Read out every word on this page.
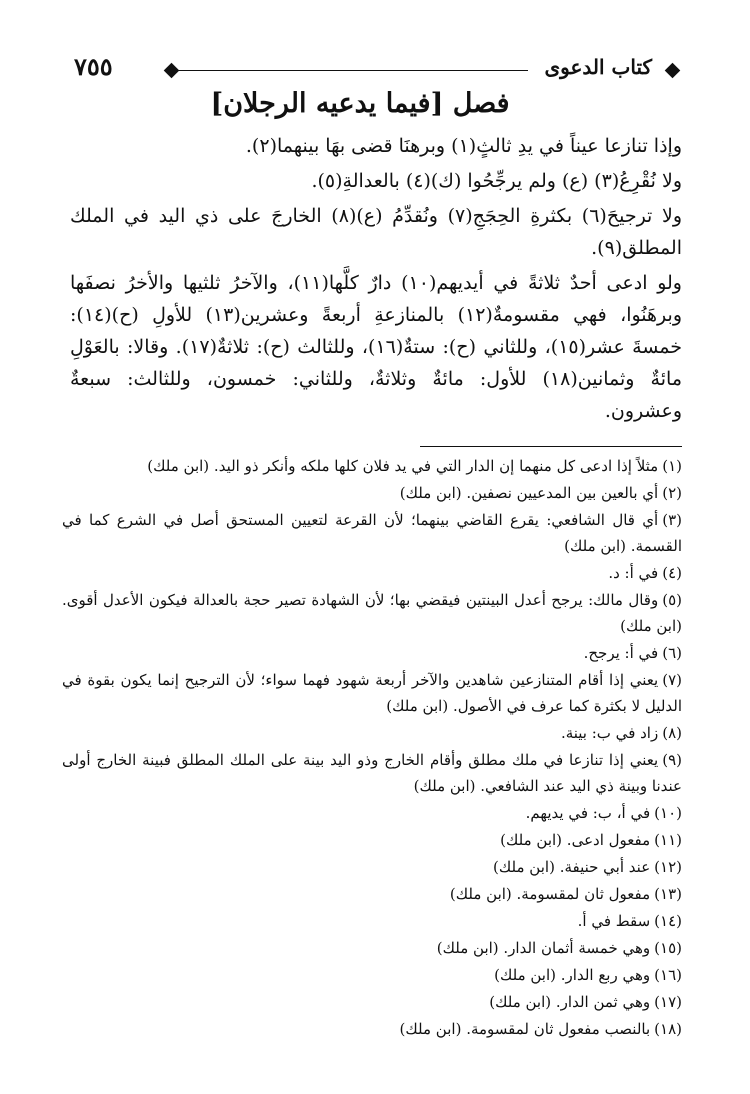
٧٥٥	كتاب الدعوى
فصل [فيما يدعيه الرجلان]

وإذا تنازعا عيناً في يدِ ثالثٍ(١) وبرهنَا قضى بهَا بينهما(٢).

ولا نُقْرِعُ(٣) (ع) ولم يرجِّحُوا (ك)(٤) بالعدالةِ(٥).

ولا ترجيحَ(٦) بكثرةِ الحِجَجِ(٧) ونُقدِّمُ (ع)(٨) الخارجَ على ذي اليد في الملك المطلق(٩).

ولو ادعى أحدٌ ثلاثةً في أيديهم(١٠) دارٌ كلَّها(١١)، والآخرُ ثلثيها والأخرُ نصفَها وبرهَنُوا، فهي مقسومةٌ(١٢) بالمنازعةِ أربعةً وعشرين(١٣) للأولِ (ح)(١٤): خمسةَ عشر(١٥)، وللثاني (ح): ستةٌ(١٦)، وللثالث (ح): ثلاثةٌ(١٧). وقالا: بالعَوْلِ مائةٌ وثمانين(١٨) للأول: مائةٌ وثلاثةٌ، وللثاني: خمسون، وللثالث: سبعةٌ وعشرون.

(١)مثلاً إذا ادعى كل منهما إن الدار التي في يد فلان كلها ملكه وأنكر ذو اليد. (ابن ملك)
(٢)أي بالعين بين المدعيين نصفين. (ابن ملك)
(٣)أي قال الشافعي: يقرع القاضي بينهما؛ لأن القرعة لتعيين المستحق أصل في الشرع كما في القسمة. (ابن ملك)
(٤)في أ: د.
(٥)وقال مالك: يرجح أعدل البينتين فيقضي بها؛ لأن الشهادة تصير حجة بالعدالة فيكون الأعدل أقوى. (ابن ملك)
(٦)في أ: يرجح.
(٧)يعني إذا أقام المتنازعين شاهدين والآخر أربعة شهود فهما سواء؛ لأن الترجيح إنما يكون بقوة في الدليل لا بكثرة كما عرف في الأصول. (ابن ملك)
(٨)زاد في ب: بينة.
(٩)يعني إذا تنازعا في ملك مطلق وأقام الخارج وذو اليد بينة على الملك المطلق فبينة الخارج أولى عندنا وبينة ذي اليد عند الشافعي. (ابن ملك)
(١٠)في أ، ب: في يديهم.
(١١)مفعول ادعى. (ابن ملك)
(١٢)عند أبي حنيفة. (ابن ملك)
(١٣)مفعول ثان لمقسومة. (ابن ملك)
(١٤)سقط في أ.
(١٥)وهي خمسة أثمان الدار. (ابن ملك)
(١٦)وهي ربع الدار. (ابن ملك)
(١٧)وهي ثمن الدار. (ابن ملك)
(١٨)بالنصب مفعول ثان لمقسومة. (ابن ملك)
